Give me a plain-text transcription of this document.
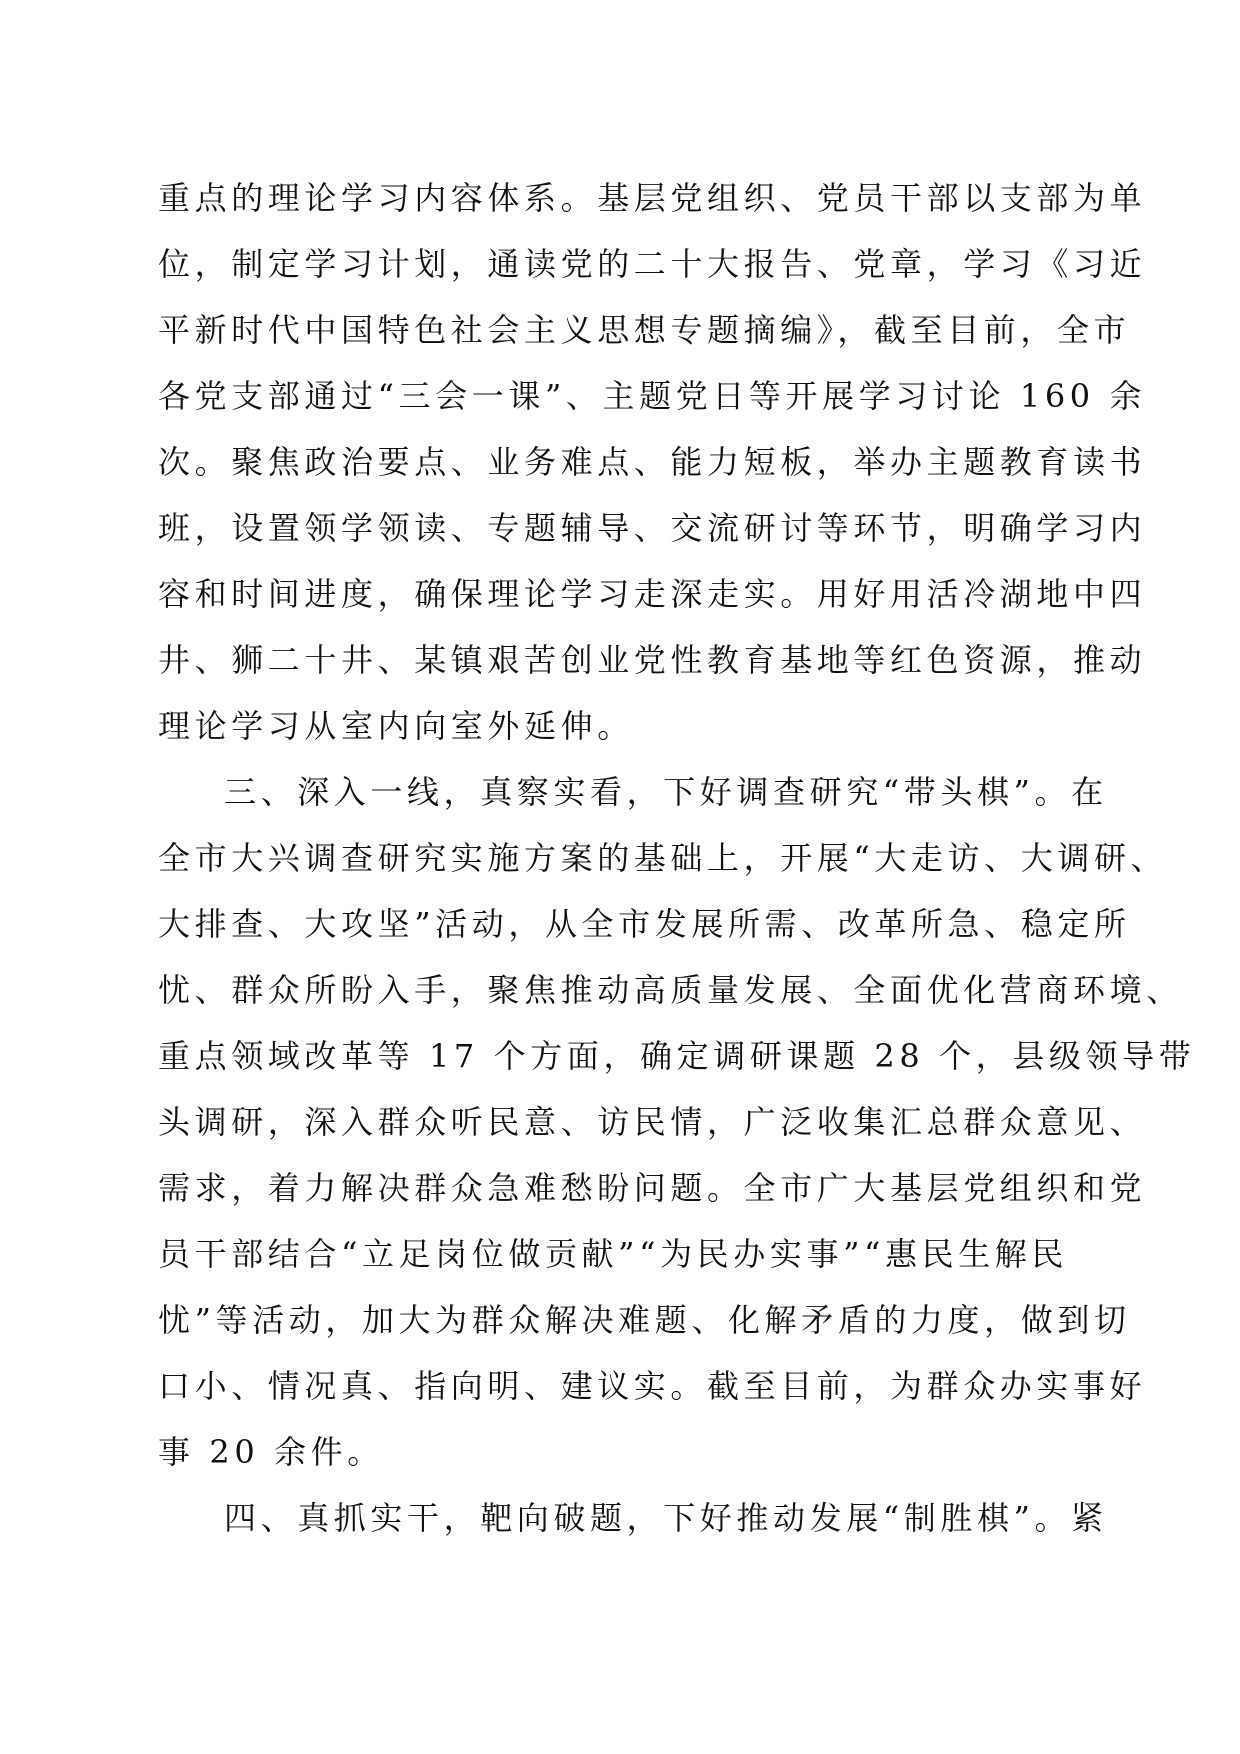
重点的理论学习内容体系。基层党组织、党员干部以支部为单
位，制定学习计划，通读党的二十大报告、党章，学习《习近
平新时代中国特色社会主义思想专题摘编》，截至目前，全市
各党支部通过“三会一课”、主题党日等开展学习讨论 160 余
次。聚焦政治要点、业务难点、能力短板，举办主题教育读书
班，设置领学领读、专题辅导、交流研讨等环节，明确学习内
容和时间进度，确保理论学习走深走实。用好用活冷湖地中四
井、狮二十井、某镇艰苦创业党性教育基地等红色资源，推动
理论学习从室内向室外延伸。
三、深入一线，真察实看，下好调查研究“带头棋”。在
全市大兴调查研究实施方案的基础上，开展“大走访、大调研、
大排查、大攻坚”活动，从全市发展所需、改革所急、稳定所
忧、群众所盼入手，聚焦推动高质量发展、全面优化营商环境、
重点领域改革等 17 个方面，确定调研课题 28 个，县级领导带
头调研，深入群众听民意、访民情，广泛收集汇总群众意见、
需求，着力解决群众急难愁盼问题。全市广大基层党组织和党
员干部结合“立足岗位做贡献”“为民办实事”“惠民生解民
忧”等活动，加大为群众解决难题、化解矛盾的力度，做到切
口小、情况真、指向明、建议实。截至目前，为群众办实事好
事 20 余件。
四、真抓实干，靶向破题，下好推动发展“制胜棋”。紧
